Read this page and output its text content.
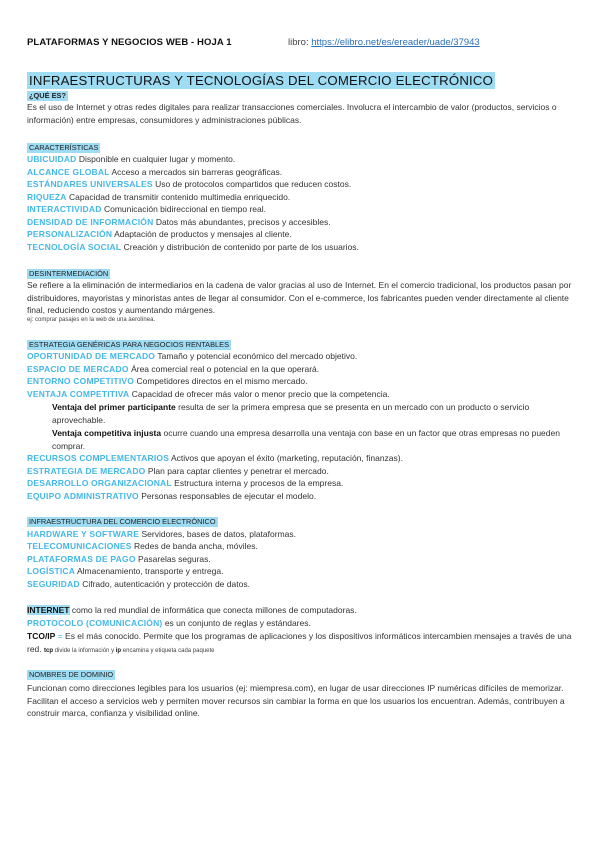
PLATAFORMAS Y NEGOCIOS WEB - HOJA 1	libro: https://elibro.net/es/ereader/uade/37943
INFRAESTRUCTURAS Y TECNOLOGÍAS DEL COMERCIO ELECTRÓNICO
¿QUÉ ES?
Es el uso de Internet y otras redes digitales para realizar transacciones comerciales. Involucra el intercambio de valor (productos, servicios o información) entre empresas, consumidores y administraciones públicas.
CARACTERÍSTICAS
UBICUIDAD Disponible en cualquier lugar y momento.
ALCANCE GLOBAL Acceso a mercados sin barreras geográficas.
ESTÁNDARES UNIVERSALES Uso de protocolos compartidos que reducen costos.
RIQUEZA Capacidad de transmitir contenido multimedia enriquecido.
INTERACTIVIDAD Comunicación bidireccional en tiempo real.
DENSIDAD DE INFORMACIÓN Datos más abundantes, precisos y accesibles.
PERSONALIZACIÓN Adaptación de productos y mensajes al cliente.
TECNOLOGÍA SOCIAL Creación y distribución de contenido por parte de los usuarios.
DESINTERMEDIACIÓN
Se refiere a la eliminación de intermediarios en la cadena de valor gracias al uso de Internet. En el comercio tradicional, los productos pasan por distribuidores, mayoristas y minoristas antes de llegar al consumidor. Con el e-commerce, los fabricantes pueden vender directamente al cliente final, reduciendo costos y aumentando márgenes.
ej: comprar pasajes en la web de una aerolínea.
ESTRATEGIA GENÉRICAS PARA NEGOCIOS RENTABLES
OPORTUNIDAD DE MERCADO Tamaño y potencial económico del mercado objetivo.
ESPACIO DE MERCADO Área comercial real o potencial en la que operará.
ENTORNO COMPETITIVO Competidores directos en el mismo mercado.
VENTAJA COMPETITIVA Capacidad de ofrecer más valor o menor precio que la competencia.
Ventaja del primer participante resulta de ser la primera empresa que se presenta en un mercado con un producto o servicio aprovechable.
Ventaja competitiva injusta ocurre cuando una empresa desarrolla una ventaja con base en un factor que otras empresas no pueden comprar.
RECURSOS COMPLEMENTARIOS Activos que apoyan el éxito (marketing, reputación, finanzas).
ESTRATEGIA DE MERCADO Plan para captar clientes y penetrar el mercado.
DESARROLLO ORGANIZACIONAL Estructura interna y procesos de la empresa.
EQUIPO ADMINISTRATIVO Personas responsables de ejecutar el modelo.
INFRAESTRUCTURA DEL COMERCIO ELECTRÓNICO
HARDWARE Y SOFTWARE Servidores, bases de datos, plataformas.
TELECOMUNICACIONES Redes de banda ancha, móviles.
PLATAFORMAS DE PAGO Pasarelas seguras.
LOGÍSTICA Almacenamiento, transporte y entrega.
SEGURIDAD Cifrado, autenticación y protección de datos.
INTERNET como la red mundial de informática que conecta millones de computadoras.
PROTOCOLO (COMUNICACIÓN) es un conjunto de reglas y estándares.
TCO/IP = Es el más conocido. Permite que los programas de aplicaciones y los dispositivos informáticos intercambien mensajes a través de una red. tcp divide la información y ip encamina y etiqueta cada paquete
NOMBRES DE DOMINIO
Funcionan como direcciones legibles para los usuarios (ej: miempresa.com), en lugar de usar direcciones IP numéricas difíciles de memorizar. Facilitan el acceso a servicios web y permiten mover recursos sin cambiar la forma en que los usuarios los encuentran. Además, contribuyen a construir marca, confianza y visibilidad online.
